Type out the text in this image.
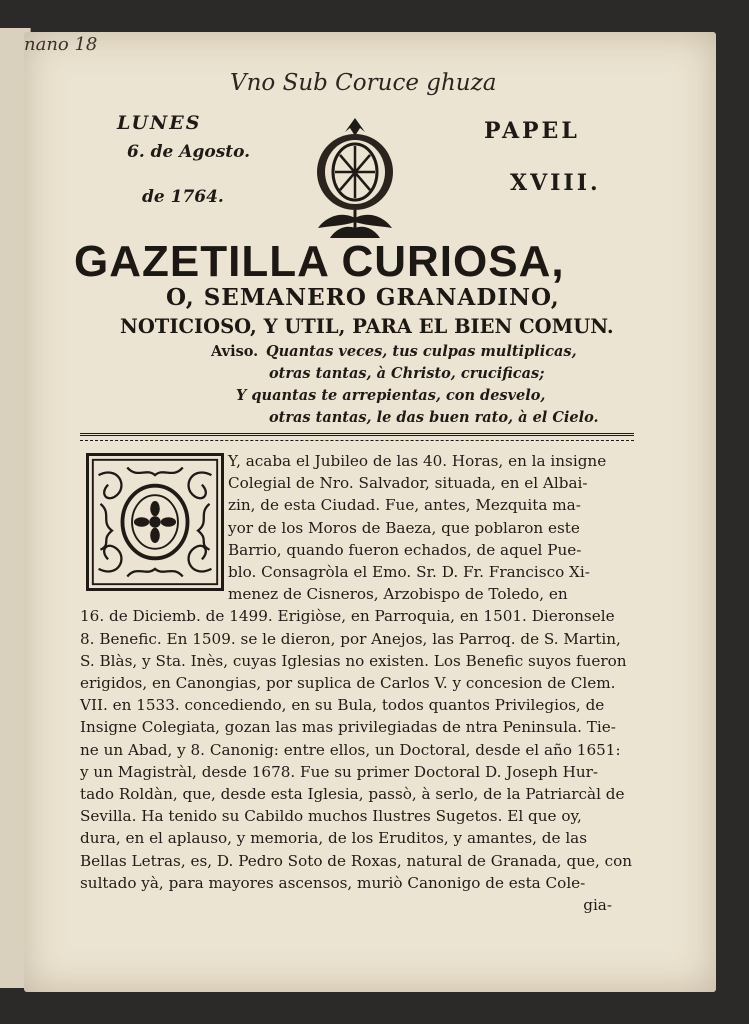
nano 18
Vno Sub Coruce ghuza
LUNES
6. de Agosto.
de 1764.
PAPEL
XVIII.
GAZETILLA CURIOSA,
O, SEMANERO GRANADINO,
NOTICIOSO, Y UTIL, PARA EL BIEN COMUN.
Aviso. Quantas veces, tus culpas multiplicas,
otras tantas, à Christo, crucificas;
Y quantas te arrepientas, con desvelo,
otras tantas, le das buen rato, à el Cielo.
Y, acaba el Jubileo de las 40. Horas, en la insigne
Colegial de Nro. Salvador, situada, en el Albai-
zin, de esta Ciudad. Fue, antes, Mezquita ma-
yor de los Moros de Baeza, que poblaron este
Barrio, quando fueron echados, de aquel Pue-
blo. Consagròla el Emo. Sr. D. Fr. Francisco Xi-
menez de Cisneros, Arzobispo de Toledo, en
16. de Diciemb. de 1499. Erigiòse, en Parroquia, en 1501. Dieronsele
8. Benefic. En 1509. se le dieron, por Anejos, las Parroq. de S. Martin,
S. Blàs, y Sta. Inès, cuyas Iglesias no existen. Los Benefic suyos fueron
erigidos, en Canongias, por suplica de Carlos V. y concesion de Clem.
VII. en 1533. concediendo, en su Bula, todos quantos Privilegios, de
Insigne Colegiata, gozan las mas privilegiadas de ntra Peninsula. Tie-
ne un Abad, y 8. Canonig: entre ellos, un Doctoral, desde el año 1651:
y un Magistràl, desde 1678. Fue su primer Doctoral D. Joseph Hur-
tado Roldàn, que, desde esta Iglesia, passò, à serlo, de la Patriarcàl de
Sevilla. Ha tenido su Cabildo muchos Ilustres Sugetos. El que oy,
dura, en el aplauso, y memoria, de los Eruditos, y amantes, de las
Bellas Letras, es, D. Pedro Soto de Roxas, natural de Granada, que, con
sultado yà, para mayores ascensos, muriò Canonigo de esta Cole-
gia-
